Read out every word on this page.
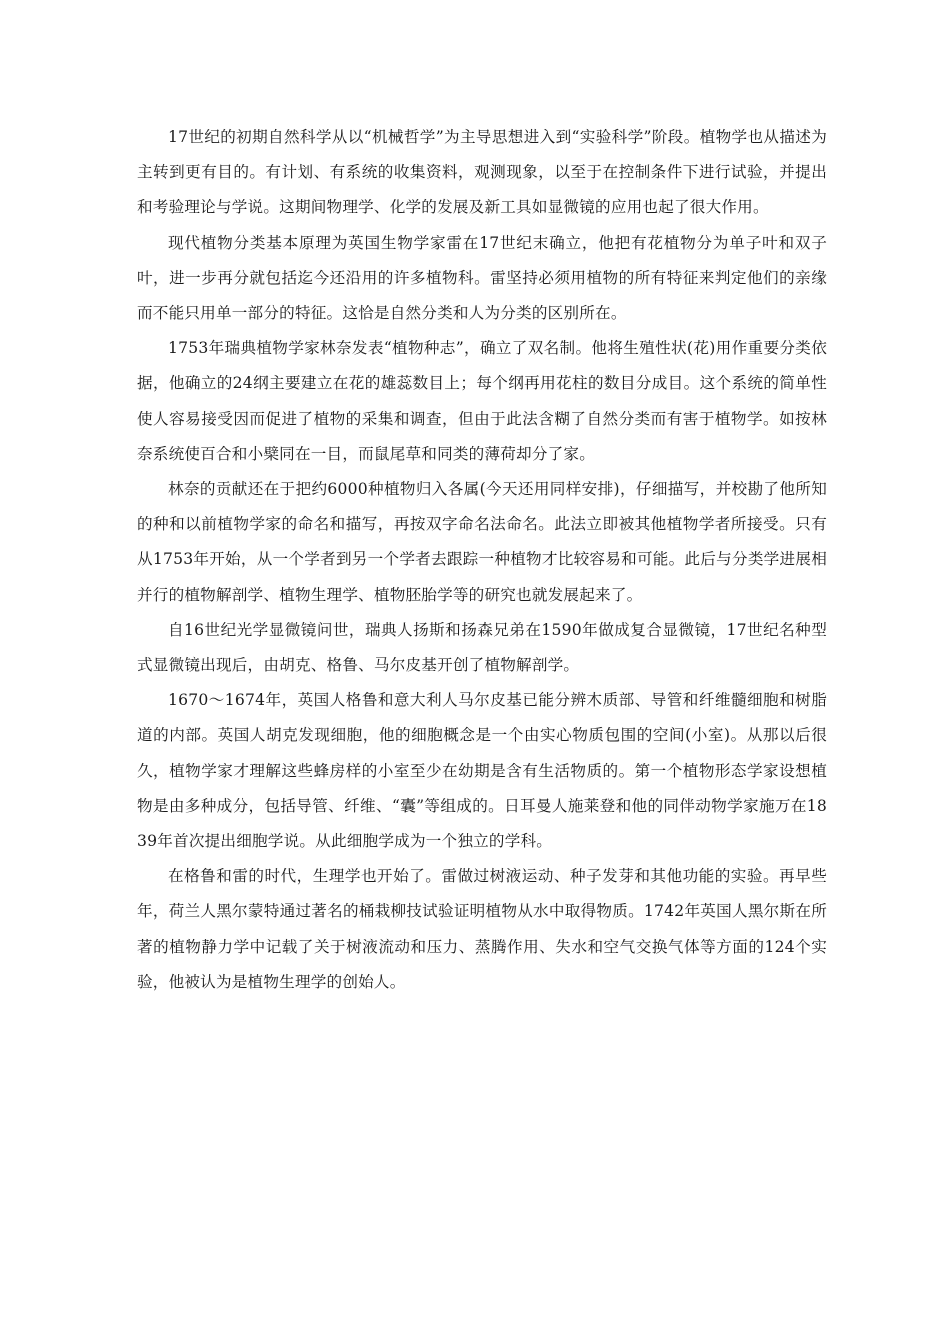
17世纪的初期自然科学从以“机械哲学”为主导思想进入到“实验科学”阶段。植物学也从描述为主转到更有目的。有计划、有系统的收集资料，观测现象，以至于在控制条件下进行试验，并提出和考验理论与学说。这期间物理学、化学的发展及新工具如显微镜的应用也起了很大作用。

现代植物分类基本原理为英国生物学家雷在17世纪末确立，他把有花植物分为单子叶和双子叶，进一步再分就包括迄今还沿用的许多植物科。雷坚持必须用植物的所有特征来判定他们的亲缘而不能只用单一部分的特征。这恰是自然分类和人为分类的区别所在。

1753年瑞典植物学家林奈发表“植物种志”，确立了双名制。他将生殖性状(花)用作重要分类依据，他确立的24纲主要建立在花的雄蕊数目上；每个纲再用花柱的数目分成目。这个系统的简单性使人容易接受因而促进了植物的采集和调查，但由于此法含糊了自然分类而有害于植物学。如按林奈系统使百合和小檗同在一目，而鼠尾草和同类的薄荷却分了家。

林奈的贡献还在于把约6000种植物归入各属(今天还用同样安排)，仔细描写，并校勘了他所知的种和以前植物学家的命名和描写，再按双字命名法命名。此法立即被其他植物学者所接受。只有从1753年开始，从一个学者到另一个学者去跟踪一种植物才比较容易和可能。此后与分类学进展相并行的植物解剖学、植物生理学、植物胚胎学等的研究也就发展起来了。

自16世纪光学显微镜问世，瑞典人扬斯和扬森兄弟在1590年做成复合显微镜，17世纪名种型式显微镜出现后，由胡克、格鲁、马尔皮基开创了植物解剖学。

1670～1674年，英国人格鲁和意大利人马尔皮基已能分辨木质部、导管和纤维髓细胞和树脂道的内部。英国人胡克发现细胞，他的细胞概念是一个由实心物质包围的空间(小室)。从那以后很久，植物学家才理解这些蜂房样的小室至少在幼期是含有生活物质的。第一个植物形态学家设想植物是由多种成分，包括导管、纤维、“囊”等组成的。日耳曼人施莱登和他的同伴动物学家施万在1839年首次提出细胞学说。从此细胞学成为一个独立的学科。

在格鲁和雷的时代，生理学也开始了。雷做过树液运动、种子发芽和其他功能的实验。再早些年，荷兰人黑尔蒙特通过著名的桶栽柳技试验证明植物从水中取得物质。1742年英国人黑尔斯在所著的植物静力学中记载了关于树液流动和压力、蒸腾作用、失水和空气交换气体等方面的124个实验，他被认为是植物生理学的创始人。
